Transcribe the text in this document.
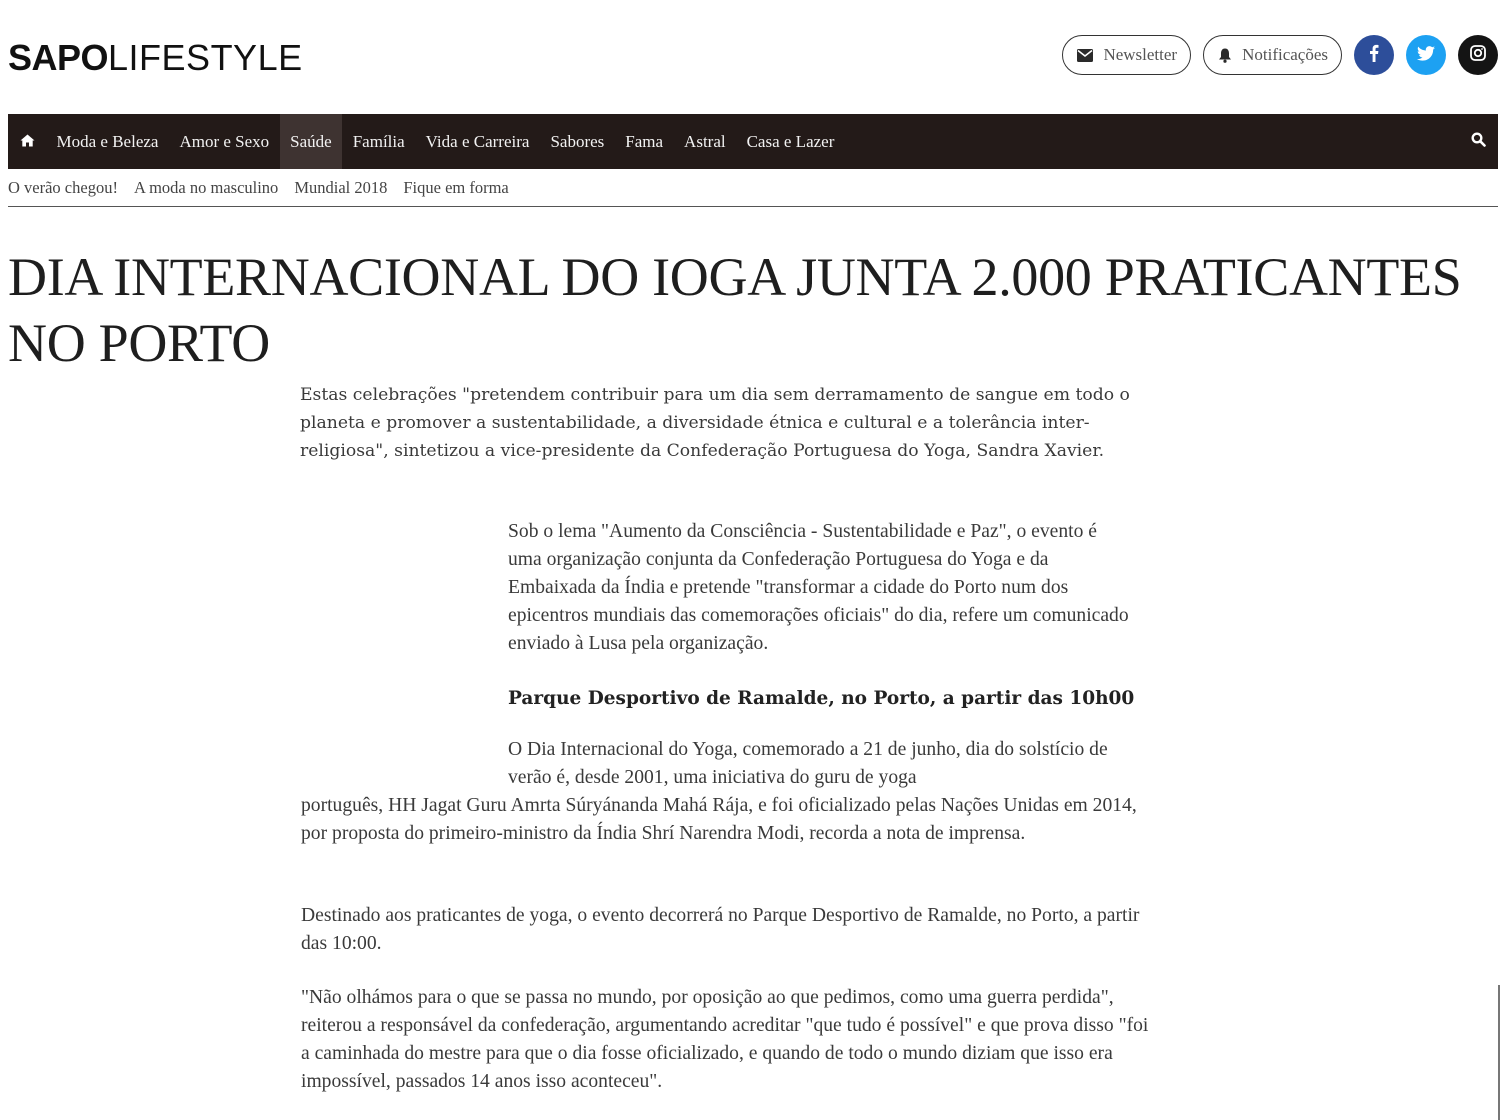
SAPOLIFESTYLE	Newsletter	Notificações
Moda e Beleza Amor e Sexo Saúde Família Vida e Carreira Sabores Fama Astral Casa e Lazer
O verão chegou! A moda no masculino Mundial 2018 Fique em forma
DIA INTERNACIONAL DO IOGA JUNTA 2.000 PRATICANTES NO PORTO

Estas celebrações "pretendem contribuir para um dia sem derramamento de sangue em todo o planeta e promover a sustentabilidade, a diversidade étnica e cultural e a tolerância inter-religiosa", sintetizou a vice-presidente da Confederação Portuguesa do Yoga, Sandra Xavier.

Sob o lema "Aumento da Consciência - Sustentabilidade e Paz", o evento é uma organização conjunta da Confederação Portuguesa do Yoga e da Embaixada da Índia e pretende "transformar a cidade do Porto num dos epicentros mundiais das comemorações oficiais" do dia, refere um comunicado enviado à Lusa pela organização.

Parque Desportivo de Ramalde, no Porto, a partir das 10h00

O Dia Internacional do Yoga, comemorado a 21 de junho, dia do solstício de verão é, desde 2001, uma iniciativa do guru de yoga

português, HH Jagat Guru Amrta Súryánanda Mahá Rája, e foi oficializado pelas Nações Unidas em 2014, por proposta do primeiro-ministro da Índia Shrí Narendra Modi, recorda a nota de imprensa.

Destinado aos praticantes de yoga, o evento decorrerá no Parque Desportivo de Ramalde, no Porto, a partir das 10:00.

"Não olhámos para o que se passa no mundo, por oposição ao que pedimos, como uma guerra perdida", reiterou a responsável da confederação, argumentando acreditar "que tudo é possível" e que prova disso "foi a caminhada do mestre para que o dia fosse oficializado, e quando de todo o mundo diziam que isso era impossível, passados 14 anos isso aconteceu".
